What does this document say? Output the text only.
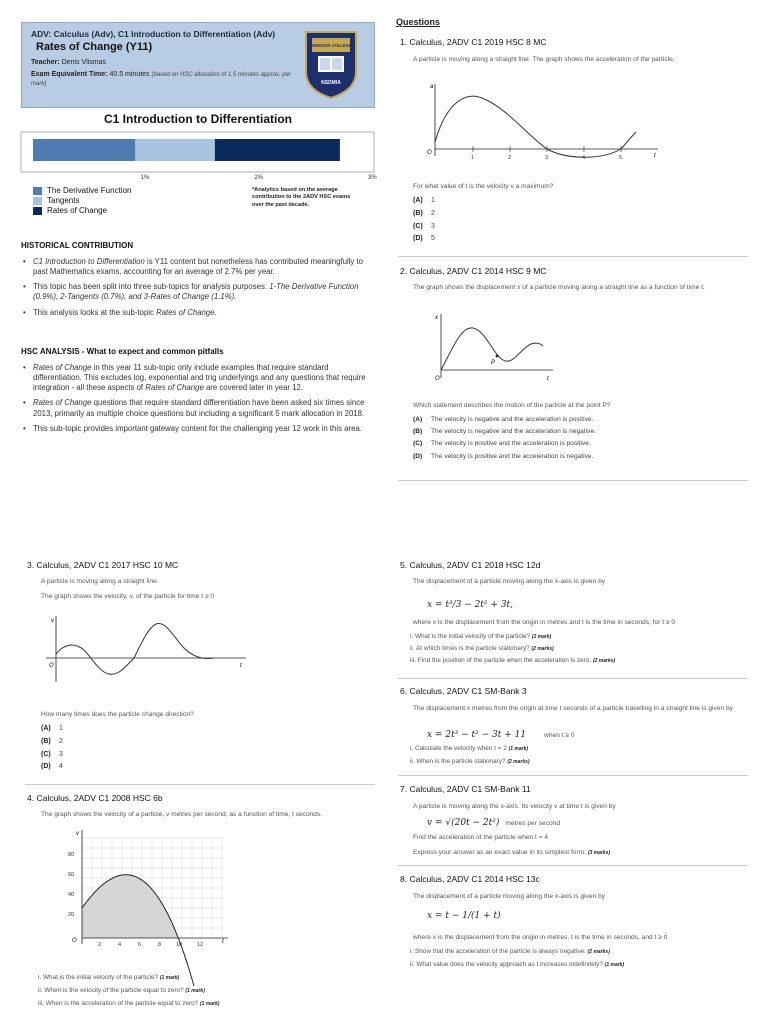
ADV: Calculus (Adv), C1 Introduction to Differentiation (Adv)
Rates of Change (Y11)
Teacher: Denis Vlismas
Exam Equivalent Time: 40.5 minutes (based on HSC allocation of 1.5 minutes approx. per mark)
WINDSOR COLLEGE
NSDMIA
C1 Introduction to Differentiation
1%	2%	3%
The Derivative Function
Tangents
Rates of Change
*Analytics based on the average contribution to the 2ADV HSC exams over the past decade.
HISTORICAL CONTRIBUTION
• C1 Introduction to Differentiation is Y11 content but nonetheless has contributed meaningfully to past Mathematics exams, accounting for an average of 2.7% per year.
• This topic has been split into three sub-topics for analysis purposes: 1-The Derivative Function (0.9%), 2-Tangents (0.7%), and 3-Rates of Change (1.1%).
• This analysis looks at the sub-topic Rates of Change.
HSC ANALYSIS - What to expect and common pitfalls
• Rates of Change in this year 11 sub-topic only include examples that require standard differentiation. This excludes log, exponential and trig underlyings and any questions that require integration - all these aspects of Rates of Change are covered later in year 12.
• Rates of Change questions that require standard differentiation have been asked six times since 2013, primarily as multiple choice questions but including a significant 5 mark allocation in 2018.
• This sub-topic provides important gateway content for the challenging year 12 work in this area.
Questions
1. Calculus, 2ADV C1 2019 HSC 8 MC
A particle is moving along a straight line. The graph shows the acceleration of the particle.
a
t
O
1	2	3	4	5
For what value of t is the velocity v a maximum?
(A) 1
(B) 2
(C) 3
(D) 5
2. Calculus, 2ADV C1 2014 HSC 9 MC
The graph shows the displacement x of a particle moving along a straight line as a function of time t.
x
t
O
P
Which statement describes the motion of the particle at the point P?
(A) The velocity is negative and the acceleration is positive.
(B) The velocity is negative and the acceleration is negative.
(C) The velocity is positive and the acceleration is positive.
(D) The velocity is positive and the acceleration is negative.
3. Calculus, 2ADV C1 2017 HSC 10 MC
A particle is moving along a straight line.
The graph shows the velocity, v, of the particle for time t ≥ 0
v
t
O
How many times does the particle change direction?
(A) 1
(B) 2
(C) 3
(D) 4
4. Calculus, 2ADV C1 2008 HSC 6b
The graph shows the velocity of a particle, v metres per second, as a function of time, t seconds.
v
t
O
80
60
40
20
2	4	6	8	10	12
i. What is the initial velocity of the particle? (1 mark)
ii. When is the velocity of the particle equal to zero? (1 mark)
iii. When is the acceleration of the particle equal to zero? (1 mark)
5. Calculus, 2ADV C1 2018 HSC 12d
The displacement of a particle moving along the x-axis is given by
x = t³/3 − 2t² + 3t,
where x is the displacement from the origin in metres and t is the time in seconds, for t ≥ 0
i. What is the initial velocity of the particle? (1 mark)
ii. At which times is the particle stationary? (2 marks)
iii. Find the position of the particle when the acceleration is zero. (2 marks)
6. Calculus, 2ADV C1 SM-Bank 3
The displacement x metres from the origin at time t seconds of a particle travelling in a straight line is given by
x = 2t³ − t² − 3t + 11	when t ≥ 0
i. Calculate the velocity when t = 2 (1 mark)
ii. When is the particle stationary? (2 marks)
7. Calculus, 2ADV C1 SM-Bank 11
A particle is moving along the x-axis. Its velocity v at time t is given by
v = √(20t − 2t²) metres per second
Find the acceleration of the particle when t = 4
Express your answer as an exact value in its simplest form. (3 marks)
8. Calculus, 2ADV C1 2014 HSC 13c
The displacement of a particle moving along the x-axis is given by
x = t − 1/(1 + t)
where x is the displacement from the origin in metres, t is the time in seconds, and t ≥ 0
i. Show that the acceleration of the particle is always negative. (2 marks)
ii. What value does the velocity approach as t increases indefinitely? (1 mark)
